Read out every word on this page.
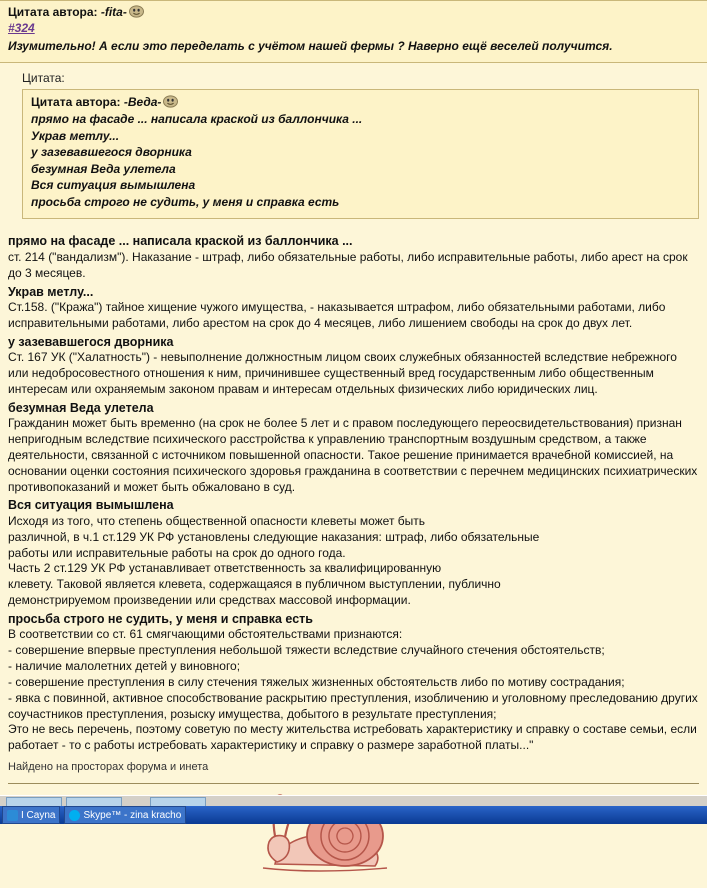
Цитата автора: -fita-
#324
Изумительно! А если это переделать с учётом нашей фермы ? Наверно ещё веселей получится.
Цитата:
Цитата автора: -Веда-
прямо на фасаде ... написала краской из баллончика ...
Украв метлу...
у зазевавшегося дворника
безумная Веда улетела
Вся ситуация вымышлена
просьба строго не судить, у меня и справка есть
прямо на фасаде ... написала краской из баллончика ...

ст. 214 ("вандализм"). Наказание - штраф, либо обязательные работы, либо исправительные работы, либо арест на срок до 3 месяцев.

Украв метлу...

Ст.158. ("Кража") тайное хищение чужого имущества, - наказывается штрафом, либо обязательными работами, либо исправительными работами, либо арестом на срок до 4 месяцев, либо лишением свободы на срок до двух лет.

у зазевавшегося дворника

Ст. 167 УК ("Халатность") - невыполнение должностным лицом своих служебных обязанностей вследствие небрежного или недобросовестного отношения к ним, причинившее существенный вред государственным либо общественным интересам или охраняемым законом правам и интересам отдельных физических либо юридических лиц.

безумная Веда улетела

Гражданин может быть временно (на срок не более 5 лет и с правом последующего переосвидетельствования) признан непригодным вследствие психического расстройства к управлению транспортным воздушным средством, а также деятельности, связанной с источником повышенной опасности. Такое решение принимается врачебной комиссией, на основании оценки состояния психического здоровья гражданина в соответствии с перечнем медицинских психиатрических противопоказаний и может быть обжаловано в суд.

Вся ситуация вымышлена

Исходя из того, что степень общественной опасности клеветы может быть

различной, в ч.1 ст.129 УК РФ установлены следующие наказания: штраф, либо обязательные

работы или исправительные работы на срок до одного года.

Часть 2 ст.129 УК РФ устанавливает ответственность за квалифицированную

клевету. Таковой является клевета, содержащаяся в публичном выступлении, публично

демонстрируемом произведении или средствах массовой информации.

просьба строго не судить, у меня и справка есть

В соответствии со ст. 61 смягчающими обстоятельствами признаются:

- совершение впервые преступления небольшой тяжести вследствие случайного стечения обстоятельств;

- наличие малолетних детей у виновного;

- совершение преступления в силу стечения тяжелых жизненных обстоятельств либо по мотиву сострадания;

- явка с повинной, активное способствование раскрытию преступления, изобличению и уголовному преследованию других соучастников преступления, розыску имущества, добытого в результате преступления;

Это не весь перечень, поэтому советую по месту жительства истребовать характеристику и справку о составе семьи, если работает - то с работы истребовать характеристику и справку о размере заработной платы..."

Найдено на просторах форума и инета
I Cayna	Skype™ - zina kracho
